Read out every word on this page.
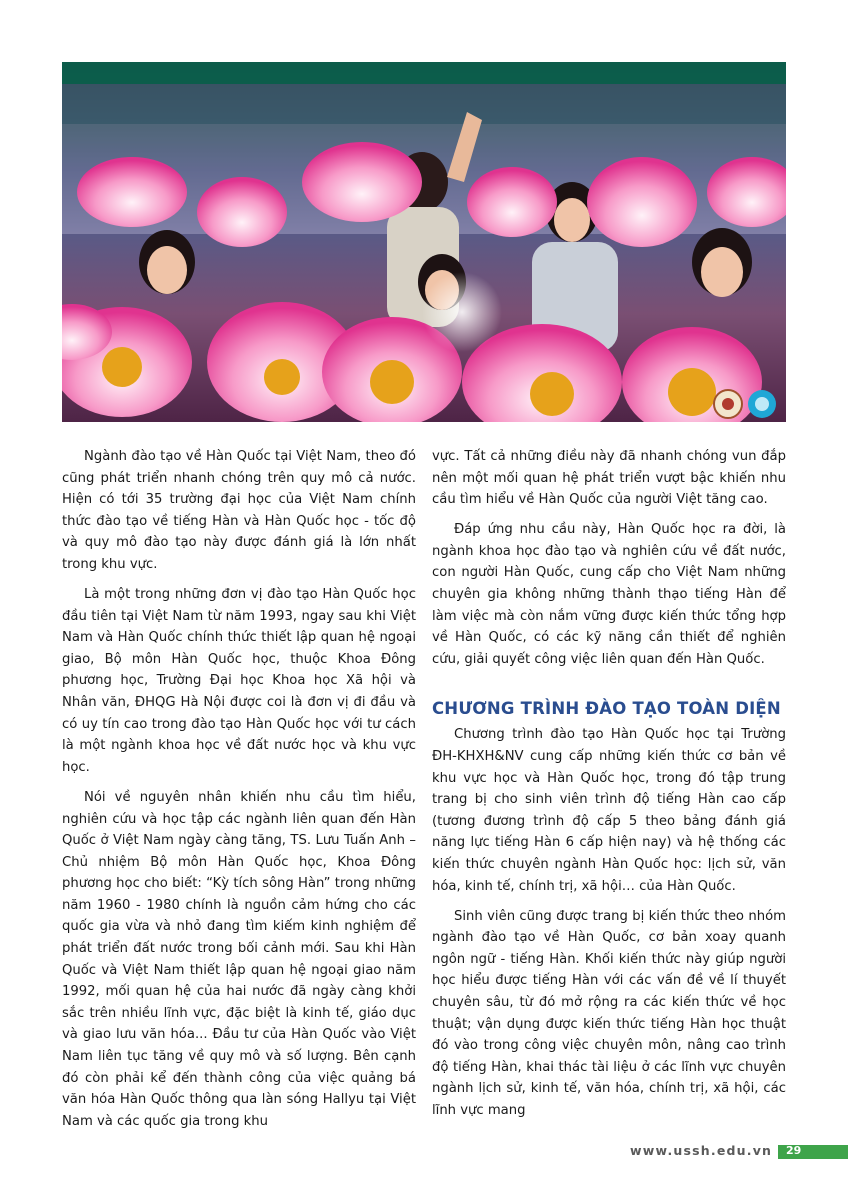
Ngành đào tạo về Hàn Quốc tại Việt Nam, theo đó cũng phát triển nhanh chóng trên quy mô cả nước. Hiện có tới 35 trường đại học của Việt Nam chính thức đào tạo về tiếng Hàn và Hàn Quốc học - tốc độ và quy mô đào tạo này được đánh giá là lớn nhất trong khu vực.

Là một trong những đơn vị đào tạo Hàn Quốc học đầu tiên tại Việt Nam từ năm 1993, ngay sau khi Việt Nam và Hàn Quốc chính thức thiết lập quan hệ ngoại giao, Bộ môn Hàn Quốc học, thuộc Khoa Đông phương học, Trường Đại học Khoa học Xã hội và Nhân văn, ĐHQG Hà Nội được coi là đơn vị đi đầu và có uy tín cao trong đào tạo Hàn Quốc học với tư cách là một ngành khoa học về đất nước học và khu vực học.

Nói về nguyên nhân khiến nhu cầu tìm hiểu, nghiên cứu và học tập các ngành liên quan đến Hàn Quốc ở Việt Nam ngày càng tăng, TS. Lưu Tuấn Anh – Chủ nhiệm Bộ môn Hàn Quốc học, Khoa Đông phương học cho biết: “Kỳ tích sông Hàn” trong những năm 1960 - 1980 chính là nguồn cảm hứng cho các quốc gia vừa và nhỏ đang tìm kiếm kinh nghiệm để phát triển đất nước trong bối cảnh mới. Sau khi Hàn Quốc và Việt Nam thiết lập quan hệ ngoại giao năm 1992, mối quan hệ của hai nước đã ngày càng khởi sắc trên nhiều lĩnh vực, đặc biệt là kinh tế, giáo dục và giao lưu văn hóa... Đầu tư của Hàn Quốc vào Việt Nam liên tục tăng về quy mô và số lượng. Bên cạnh đó còn phải kể đến thành công của việc quảng bá văn hóa Hàn Quốc thông qua làn sóng Hallyu tại Việt Nam và các quốc gia trong khu

vực. Tất cả những điều này đã nhanh chóng vun đắp nên một mối quan hệ phát triển vượt bậc khiến nhu cầu tìm hiểu về Hàn Quốc của người Việt tăng cao.

Đáp ứng nhu cầu này, Hàn Quốc học ra đời, là ngành khoa học đào tạo và nghiên cứu về đất nước, con người Hàn Quốc, cung cấp cho Việt Nam những chuyên gia không những thành thạo tiếng Hàn để làm việc mà còn nắm vững được kiến thức tổng hợp về Hàn Quốc, có các kỹ năng cần thiết để nghiên cứu, giải quyết công việc liên quan đến Hàn Quốc.

CHƯƠNG TRÌNH ĐÀO TẠO TOÀN DIỆN

Chương trình đào tạo Hàn Quốc học tại Trường ĐH-KHXH&NV cung cấp những kiến thức cơ bản về khu vực học và Hàn Quốc học, trong đó tập trung trang bị cho sinh viên trình độ tiếng Hàn cao cấp (tương đương trình độ cấp 5 theo bảng đánh giá năng lực tiếng Hàn 6 cấp hiện nay) và hệ thống các kiến thức chuyên ngành Hàn Quốc học: lịch sử, văn hóa, kinh tế, chính trị, xã hội… của Hàn Quốc.

Sinh viên cũng được trang bị kiến thức theo nhóm ngành đào tạo về Hàn Quốc, cơ bản xoay quanh ngôn ngữ - tiếng Hàn. Khối kiến thức này giúp người học hiểu được tiếng Hàn với các vấn đề về lí thuyết chuyên sâu, từ đó mở rộng ra các kiến thức về học thuật; vận dụng được kiến thức tiếng Hàn học thuật đó vào trong công việc chuyên môn, nâng cao trình độ tiếng Hàn, khai thác tài liệu ở các lĩnh vực chuyên ngành lịch sử, kinh tế, văn hóa, chính trị, xã hội, các lĩnh vực mang

www.ussh.edu.vn 29
